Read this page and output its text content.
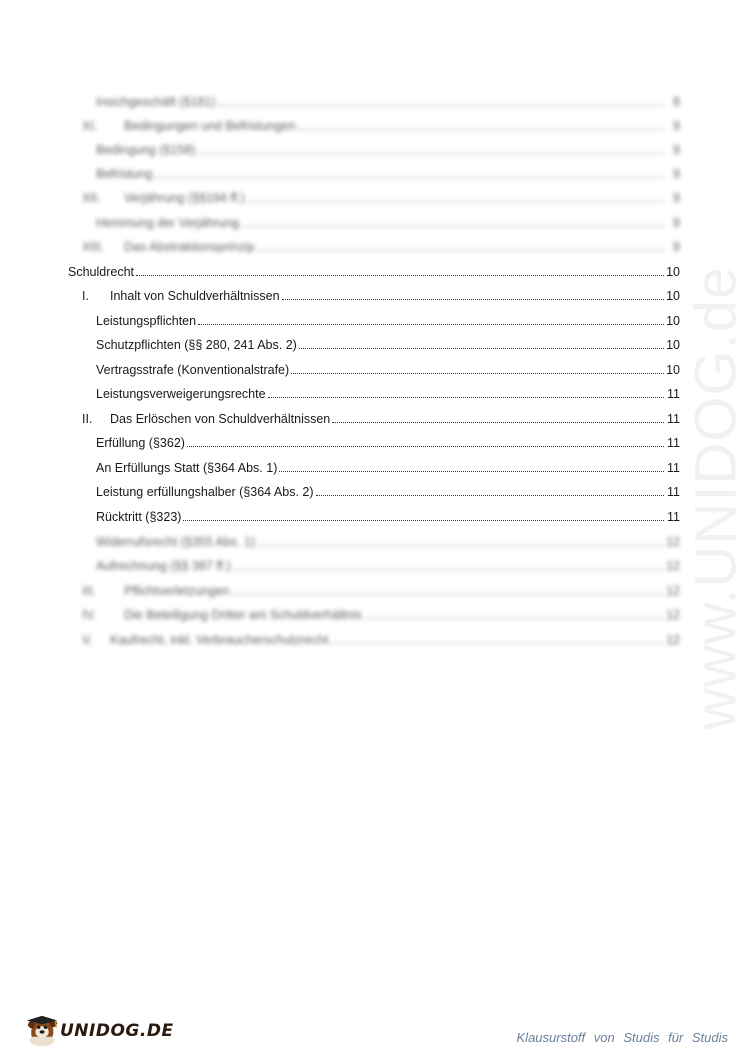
Insichgeschäft (§181)	8
XI.	Bedingungen und Befristungen	9
Bedingung (§158)	9
Befristung	9
XII.	Verjährung (§§194 ff.)	9
Hemmung der Verjährung	9
XIII.	Das Abstraktionsprinzip	9
Schuldrecht	10
I.	Inhalt von Schuldverhältnissen	10
Leistungspflichten	10
Schutzpflichten (§§ 280, 241 Abs. 2)	10
Vertragsstrafe (Konventionalstrafe)	10
Leistungsverweigerungsrechte	11
II.	Das Erlöschen von Schuldverhältnissen	11
Erfüllung (§362)	11
An Erfüllungs Statt (§364 Abs. 1)	11
Leistung erfüllungshalber (§364 Abs. 2)	11
Rücktritt (§323)	11
Widerrufsrecht (§355 Abs. 1)	12
Aufrechnung (§§ 387 ff.)	12
III.	Pflichtverletzungen	12
IV.	Die Beteiligung Dritter am Schuldverhältnis	12
V.	Kaufrecht, inkl. Verbraucherschutzrecht	12 www.UNIDOG.de
UNIDOG.DE	Klausurstoff von Studis für Studis
